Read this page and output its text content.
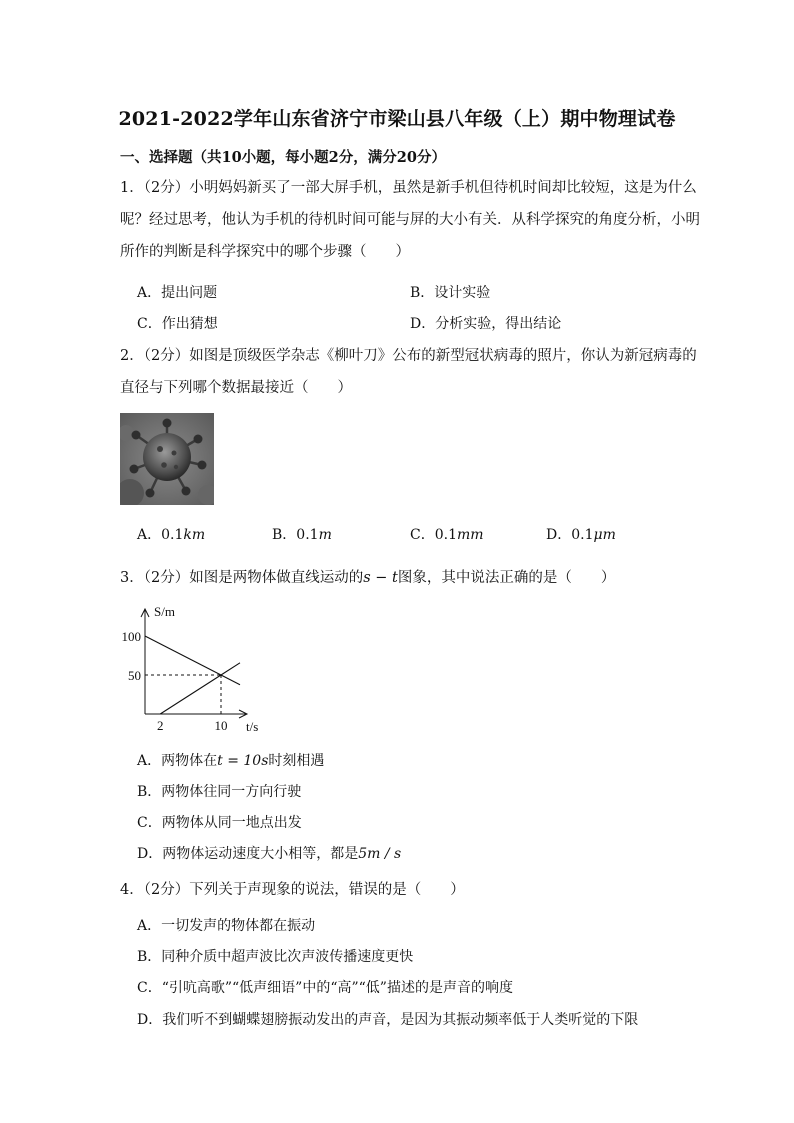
2021-2022学年山东省济宁市梁山县八年级（上）期中物理试卷
一、选择题（共10小题，每小题2分，满分20分）
1．（2分）小明妈妈新买了一部大屏手机，虽然是新手机但待机时间却比较短，这是为什么
呢？经过思考，他认为手机的待机时间可能与屏的大小有关．从科学探究的角度分析，小明
所作的判断是科学探究中的哪个步骤（　　）
A．提出问题	B．设计实验
C．作出猜想	D．分析实验，得出结论
2．（2分）如图是顶级医学杂志《柳叶刀》公布的新型冠状病毒的照片，你认为新冠病毒的
直径与下列哪个数据最接近（　　）
A．0.1km	B．0.1m	C．0.1mm	D．0.1μm
3．（2分）如图是两物体做直线运动的s − t图象，其中说法正确的是（　　）
S/m
t/s
100
50
2	10
A．两物体在t = 10s时刻相遇
B．两物体往同一方向行驶
C．两物体从同一地点出发
D．两物体运动速度大小相等，都是5m / s
4．（2分）下列关于声现象的说法，错误的是（　　）
A．一切发声的物体都在振动
B．同种介质中超声波比次声波传播速度更快
C．“引吭高歌”“低声细语”中的“高”“低”描述的是声音的响度
D．我们听不到蝴蝶翅膀振动发出的声音，是因为其振动频率低于人类听觉的下限
